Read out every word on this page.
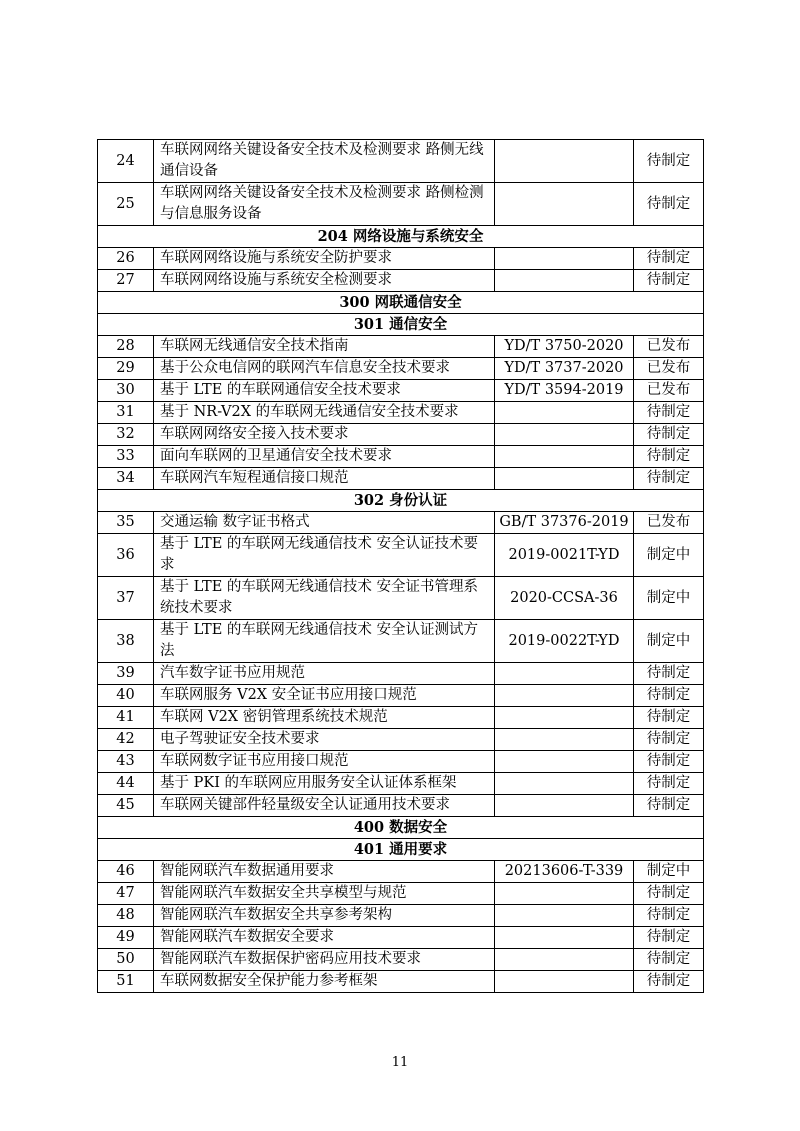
24	车联网网络关键设备安全技术及检测要求 路侧无线通信设备		待制定
25	车联网网络关键设备安全技术及检测要求 路侧检测与信息服务设备		待制定
204 网络设施与系统安全			
26	车联网网络设施与系统安全防护要求		待制定
27	车联网网络设施与系统安全检测要求		待制定
300 网联通信安全			
301 通信安全			
28	车联网无线通信安全技术指南	YD/T 3750-2020	已发布
29	基于公众电信网的联网汽车信息安全技术要求	YD/T 3737-2020	已发布
30	基于 LTE 的车联网通信安全技术要求	YD/T 3594-2019	已发布
31	基于 NR-V2X 的车联网无线通信安全技术要求		待制定
32	车联网网络安全接入技术要求		待制定
33	面向车联网的卫星通信安全技术要求		待制定
34	车联网汽车短程通信接口规范		待制定
302 身份认证			
35	交通运输 数字证书格式	GB/T 37376-2019	已发布
36	基于 LTE 的车联网无线通信技术 安全认证技术要求	2019-0021T-YD	制定中
37	基于 LTE 的车联网无线通信技术 安全证书管理系统技术要求	2020-CCSA-36	制定中
38	基于 LTE 的车联网无线通信技术 安全认证测试方法	2019-0022T-YD	制定中
39	汽车数字证书应用规范		待制定
40	车联网服务 V2X 安全证书应用接口规范		待制定
41	车联网 V2X 密钥管理系统技术规范		待制定
42	电子驾驶证安全技术要求		待制定
43	车联网数字证书应用接口规范		待制定
44	基于 PKI 的车联网应用服务安全认证体系框架		待制定
45	车联网关键部件轻量级安全认证通用技术要求		待制定
400 数据安全			
401 通用要求			
46	智能网联汽车数据通用要求	20213606-T-339	制定中
47	智能网联汽车数据安全共享模型与规范		待制定
48	智能网联汽车数据安全共享参考架构		待制定
49	智能网联汽车数据安全要求		待制定
50	智能网联汽车数据保护密码应用技术要求		待制定
51	车联网数据安全保护能力参考框架		待制定
11
